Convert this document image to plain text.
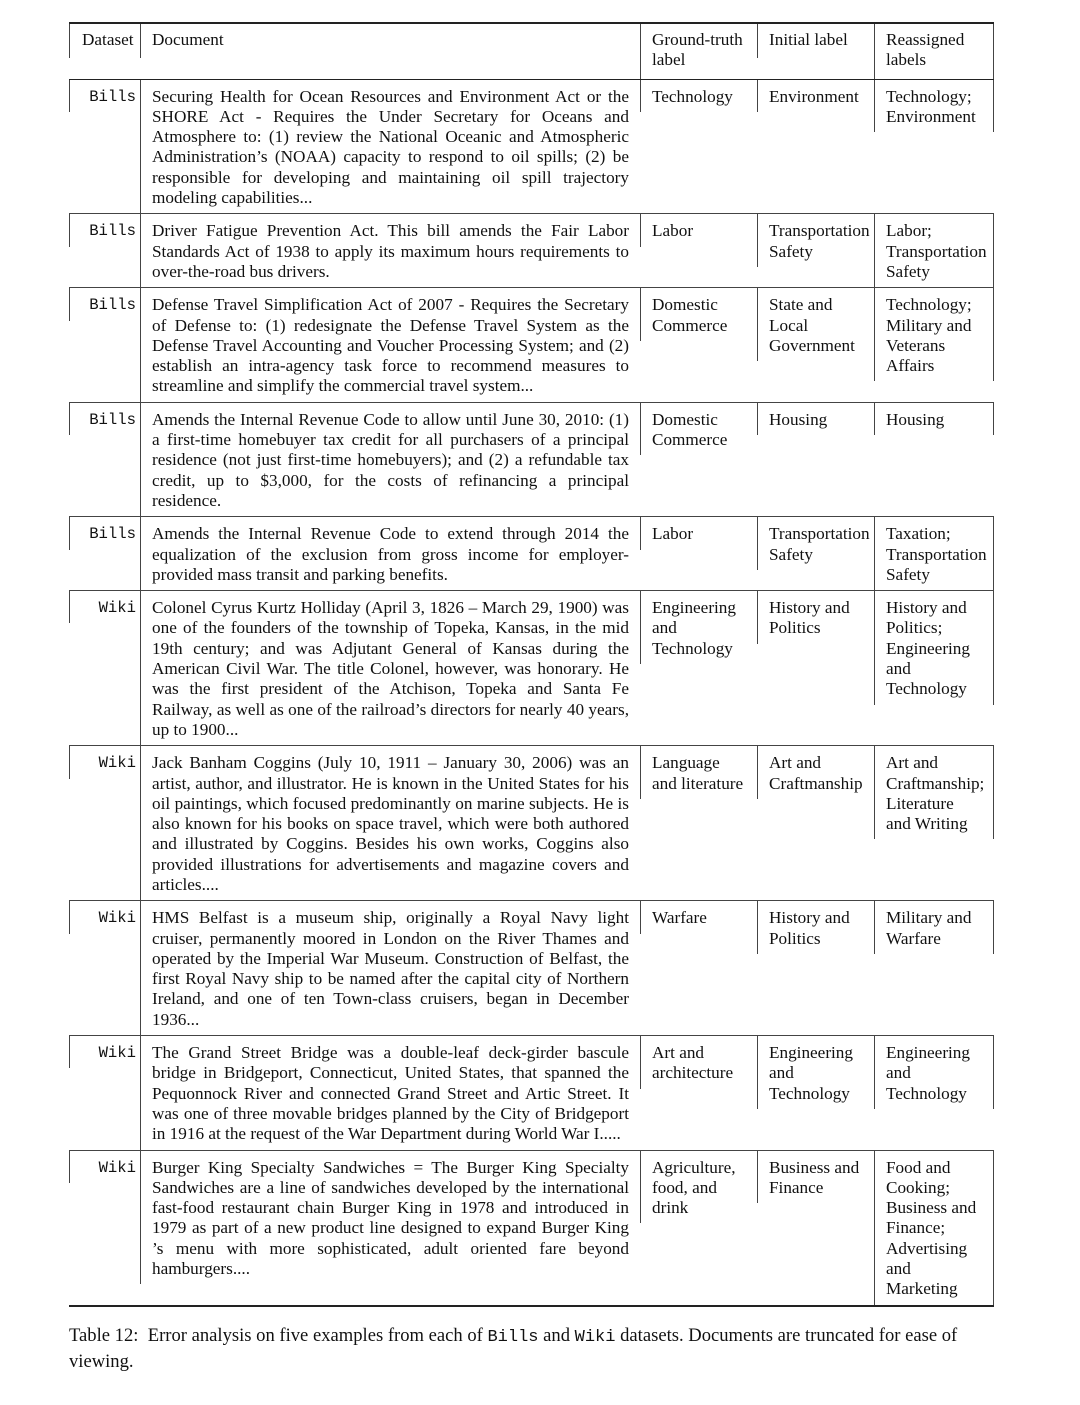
Dataset	Document	Ground-truth label	Initial label	Reassigned labels

Bills	Securing Health for Ocean Resources and Environment Act or the SHORE Act - Requires the Under Secretary for Oceans and Atmosphere to: (1) review the National Oceanic and Atmospheric Administration’s (NOAA) capacity to respond to oil spills; (2) be responsible for developing and maintaining oil spill trajectory modeling capabilities...	Technology	Environment	Technology; Environment

Bills	Driver Fatigue Prevention Act. This bill amends the Fair Labor Standards Act of 1938 to apply its maximum hours requirements to over-the-road bus drivers.	Labor	Transportation Safety	Labor; Transportation Safety

Bills	Defense Travel Simplification Act of 2007 - Requires the Secretary of Defense to: (1) redesignate the Defense Travel System as the Defense Travel Accounting and Voucher Processing System; and (2) establish an intra-agency task force to recommend measures to streamline and simplify the commercial travel system...	Domestic Commerce	State and Local Government	Technology; Military and Veterans Affairs

Bills	Amends the Internal Revenue Code to allow until June 30, 2010: (1) a first-time homebuyer tax credit for all purchasers of a principal residence (not just first-time homebuyers); and (2) a refundable tax credit, up to $3,000, for the costs of refinancing a principal residence.	Domestic Commerce	Housing	Housing

Bills	Amends the Internal Revenue Code to extend through 2014 the equalization of the exclusion from gross income for employer-provided mass transit and parking benefits.	Labor	Transportation Safety	Taxation; Transportation Safety

Wiki	Colonel Cyrus Kurtz Holliday (April 3, 1826 – March 29, 1900) was one of the founders of the township of Topeka, Kansas, in the mid 19th century; and was Adjutant General of Kansas during the American Civil War. The title Colonel, however, was honorary. He was the first president of the Atchison, Topeka and Santa Fe Railway, as well as one of the railroad’s directors for nearly 40 years, up to 1900...	Engineering and Technology	History and Politics	History and Politics; Engineering and Technology

Wiki	Jack Banham Coggins (July 10, 1911 – January 30, 2006) was an artist, author, and illustrator. He is known in the United States for his oil paintings, which focused predominantly on marine subjects. He is also known for his books on space travel, which were both authored and illustrated by Coggins. Besides his own works, Coggins also provided illustrations for advertisements and magazine covers and articles....	Language and literature	Art and Craftmanship	Art and Craftmanship; Literature and Writing

Wiki	HMS Belfast is a museum ship, originally a Royal Navy light cruiser, permanently moored in London on the River Thames and operated by the Imperial War Museum. Construction of Belfast, the first Royal Navy ship to be named after the capital city of Northern Ireland, and one of ten Town-class cruisers, began in December 1936...	Warfare	History and Politics	Military and Warfare

Wiki	The Grand Street Bridge was a double-leaf deck-girder bascule bridge in Bridgeport, Connecticut, United States, that spanned the Pequonnock River and connected Grand Street and Artic Street. It was one of three movable bridges planned by the City of Bridgeport in 1916 at the request of the War Department during World War I.....	Art and architecture	Engineering and Technology	Engineering and Technology

Wiki	Burger King Specialty Sandwiches = The Burger King Specialty Sandwiches are a line of sandwiches developed by the international fast-food restaurant chain Burger King in 1978 and introduced in 1979 as part of a new product line designed to expand Burger King ’s menu with more sophisticated, adult oriented fare beyond hamburgers....	Agriculture, food, and drink	Business and Finance	Food and Cooking; Business and Finance; Advertising and Marketing
Table 12: Error analysis on five examples from each of Bills and Wiki datasets. Documents are truncated for ease of viewing.
